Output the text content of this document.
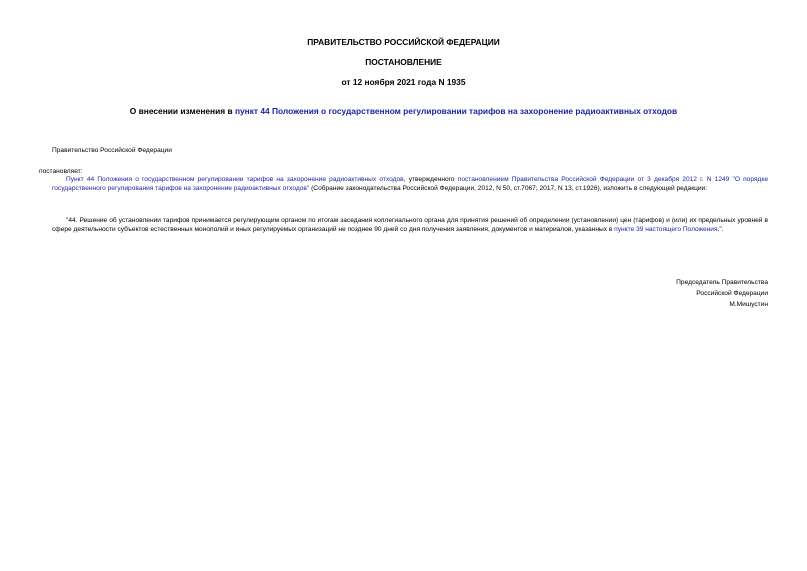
ПРАВИТЕЛЬСТВО РОССИЙСКОЙ ФЕДЕРАЦИИ
ПОСТАНОВЛЕНИЕ
от 12 ноября 2021 года N 1935
О внесении изменения в пункт 44 Положения о государственном регулировании тарифов на захоронение радиоактивных отходов
Правительство Российской Федерации
постановляет:
Пункт 44 Положения о государственном регулировании тарифов на захоронение радиоактивных отходов, утвержденного постановлением Правительства Российской Федерации от 3 декабря 2012 г. N 1249 "О порядке государственного регулирования тарифов на захоронение радиоактивных отходов" (Собрание законодательства Российской Федерации, 2012, N 50, ст.7067; 2017, N 13, ст.1926), изложить в следующей редакции:
"44. Решение об установлении тарифов принимается регулирующим органом по итогам заседания коллегиального органа для принятия решений об определении (установлении) цен (тарифов) и (или) их предельных уровней в сфере деятельности субъектов естественных монополий и иных регулируемых организаций не позднее 90 дней со дня получения заявления, документов и материалов, указанных в пункте 39 настоящего Положения.".
Председатель Правительства
Российской Федерации
М.Мишустин
